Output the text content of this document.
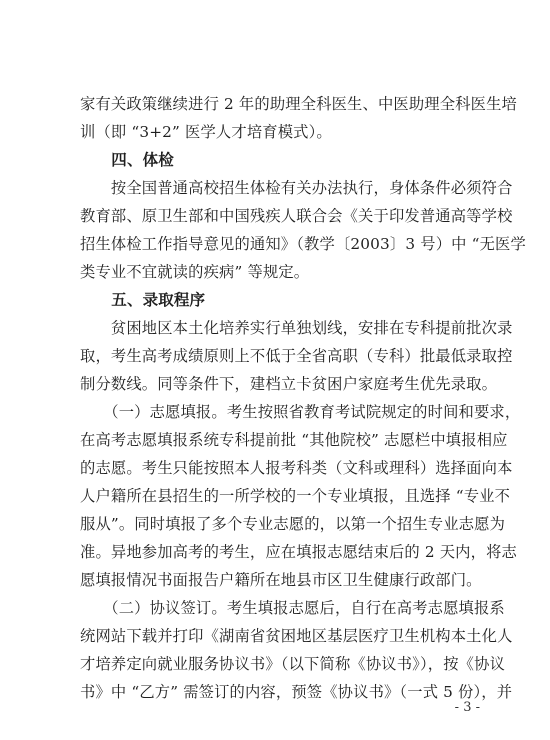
家有关政策继续进行 2 年的助理全科医生、中医助理全科医生培
训（即 “3+2” 医学人才培育模式）。
　　四、体检
　　按全国普通高校招生体检有关办法执行，身体条件必须符合
教育部、原卫生部和中国残疾人联合会《关于印发普通高等学校
招生体检工作指导意见的通知》（教学〔2003〕3 号）中 “无医学
类专业不宜就读的疾病” 等规定。
　　五、录取程序
　　贫困地区本土化培养实行单独划线，安排在专科提前批次录
取，考生高考成绩原则上不低于全省高职（专科）批最低录取控
制分数线。同等条件下，建档立卡贫困户家庭考生优先录取。
　　（一）志愿填报。考生按照省教育考试院规定的时间和要求，
在高考志愿填报系统专科提前批 “其他院校” 志愿栏中填报相应
的志愿。考生只能按照本人报考科类（文科或理科）选择面向本
人户籍所在县招生的一所学校的一个专业填报，且选择 “专业不
服从”。同时填报了多个专业志愿的，以第一个招生专业志愿为
准。异地参加高考的考生，应在填报志愿结束后的 2 天内，将志
愿填报情况书面报告户籍所在地县市区卫生健康行政部门。
　　（二）协议签订。考生填报志愿后，自行在高考志愿填报系
统网站下载并打印《湖南省贫困地区基层医疗卫生机构本土化人
才培养定向就业服务协议书》（以下简称《协议书》），按《协议
书》中 “乙方” 需签订的内容，预签《协议书》（一式 5 份），并
- 3 -
